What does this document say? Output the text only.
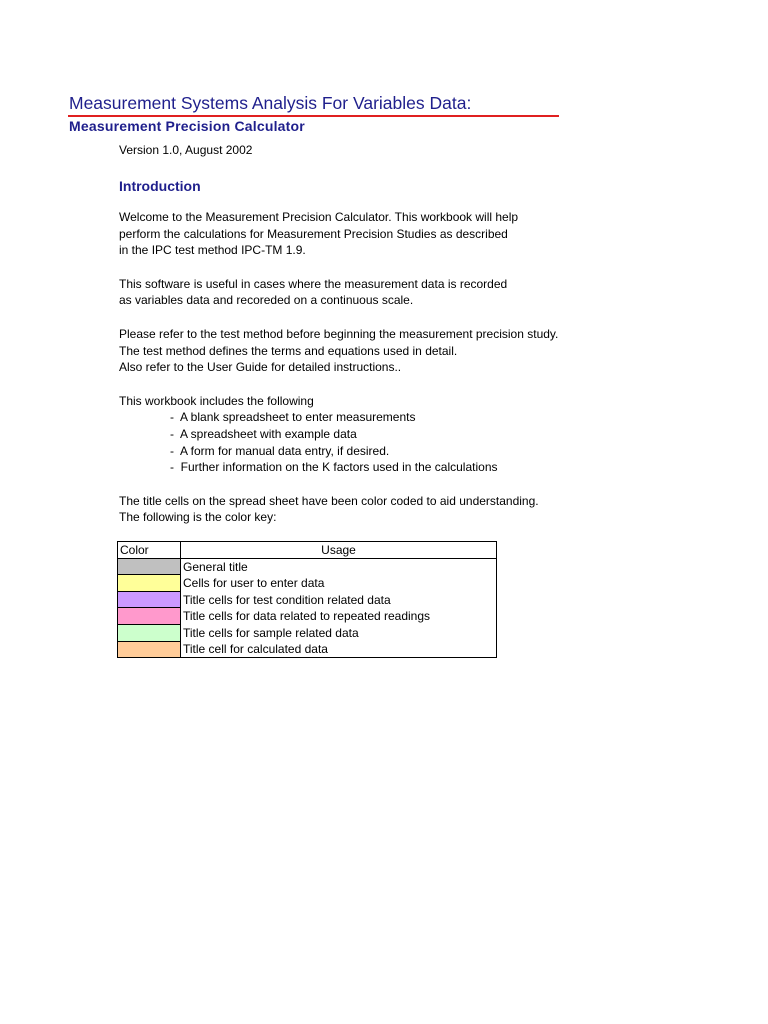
Measurement Systems Analysis For Variables Data:
Measurement Precision Calculator
Version 1.0, August 2002
Introduction
Welcome to the Measurement Precision Calculator. This workbook will help
perform the calculations for Measurement Precision Studies as described
in the IPC test method IPC-TM 1.9.
This software is useful in cases where the measurement data is recorded
as variables data and recoreded on a continuous scale.
Please refer to the test method before beginning the measurement precision study.
The test method defines the terms and equations used in detail.
Also refer to the User Guide for detailed instructions..
This workbook includes the following
-  A blank spreadsheet to enter measurements
-  A spreadsheet with example data
-  A form for manual data entry, if desired.
-  Further information on the K factors used in the calculations
The title cells on the spread sheet have been color coded to aid understanding.
The following is the color key:
Color	Usage
	General title
	Cells for user to enter data
	Title cells for test condition related data
	Title cells for data related to repeated readings
	Title cells for sample related data
	Title cell for calculated data
